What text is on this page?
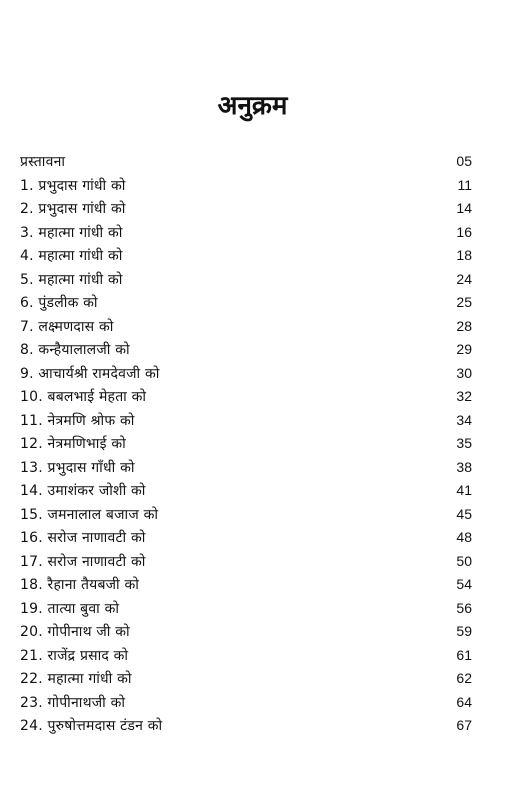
अनुक्रम
प्रस्तावना	05
1. प्रभुदास गांधी को	11
2. प्रभुदास गांधी को	14
3. महात्मा गांधी को	16
4. महात्मा गांधी को	18
5. महात्मा गांधी को	24
6. पुंडलीक को	25
7. लक्ष्मणदास को	28
8. कन्हैयालालजी को	29
9. आचार्यश्री रामदेवजी को	30
10. बबलभाई मेहता को	32
11. नेत्रमणि श्रोफ को	34
12. नेत्रमणिभाई को	35
13. प्रभुदास गाँधी को	38
14. उमाशंकर जोशी को	41
15. जमनालाल बजाज को	45
16. सरोज नाणावटी को	48
17. सरोज नाणावटी को	50
18. रैहाना तैयबजी को	54
19. तात्या बुवा को	56
20. गोपीनाथ जी को	59
21. राजेंद्र प्रसाद को	61
22. महात्मा गांधी को	62
23. गोपीनाथजी को	64
24. पुरुषोत्तमदास टंडन को	67
